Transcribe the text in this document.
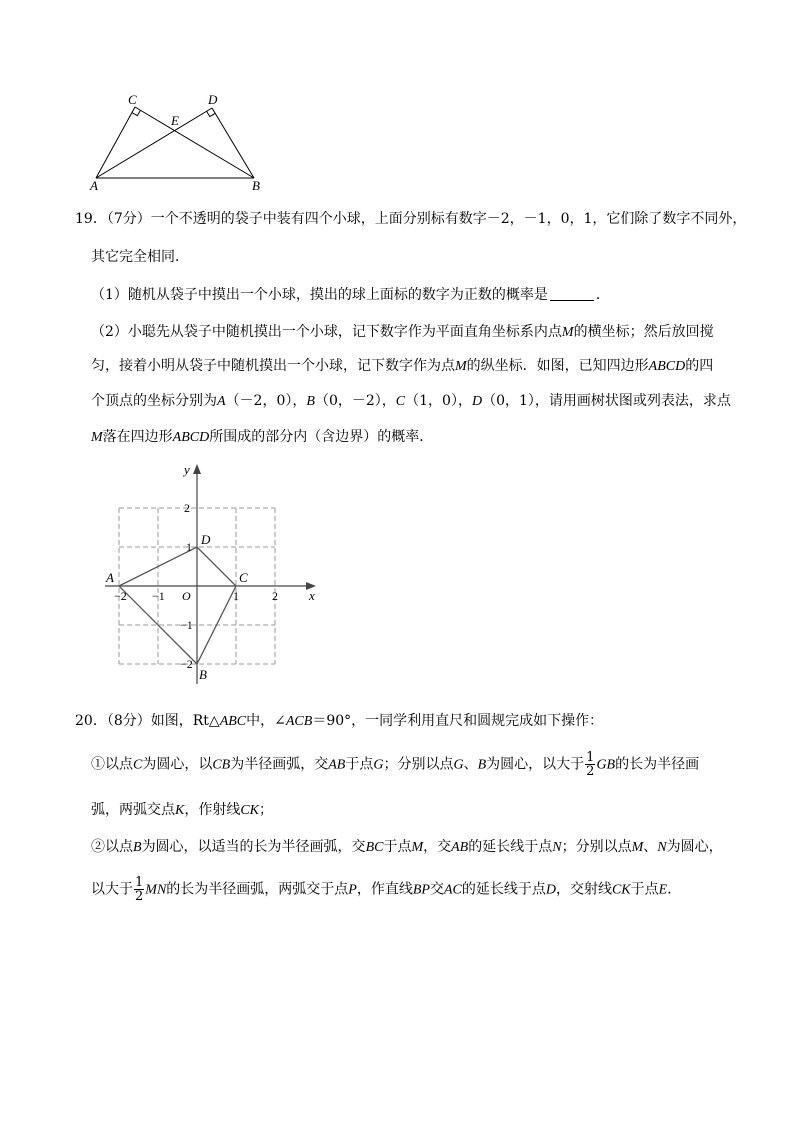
C	D
E
A	B
19．（7分）一个不透明的袋子中装有四个小球，上面分别标有数字－2，－1，0，1，它们除了数字不同外，
其它完全相同．
（1）随机从袋子中摸出一个小球，摸出的球上面标的数字为正数的概率是	．
（2）小聪先从袋子中随机摸出一个小球，记下数字作为平面直角坐标系内点M的横坐标；然后放回搅
匀，接着小明从袋子中随机摸出一个小球，记下数字作为点M的纵坐标．如图，已知四边形ABCD的四
个顶点的坐标分别为A（－2，0），B（0，－2），C（1，0），D（0，1），请用画树状图或列表法，求点
M落在四边形ABCD所围成的部分内（含边界）的概率．
y
x
O
−2 −1	1	2
2
1
−1
−2
A
D
C
B
20．（8分）如图，Rt△ABC中，∠ACB＝90°，一同学利用直尺和圆规完成如下操作：
①以点C为圆心，以CB为半径画弧，交AB于点G；分别以点G、B为圆心，以大于 $\frac{1}{2}$ GB的长为半径画
弧，两弧交点K，作射线CK；
②以点B为圆心，以适当的长为半径画弧，交BC于点M，交AB的延长线于点N；分别以点M、N为圆心，
以大于 $\frac{1}{2}$ MN的长为半径画弧，两弧交于点P，作直线BP交AC的延长线于点D，交射线CK于点E．
